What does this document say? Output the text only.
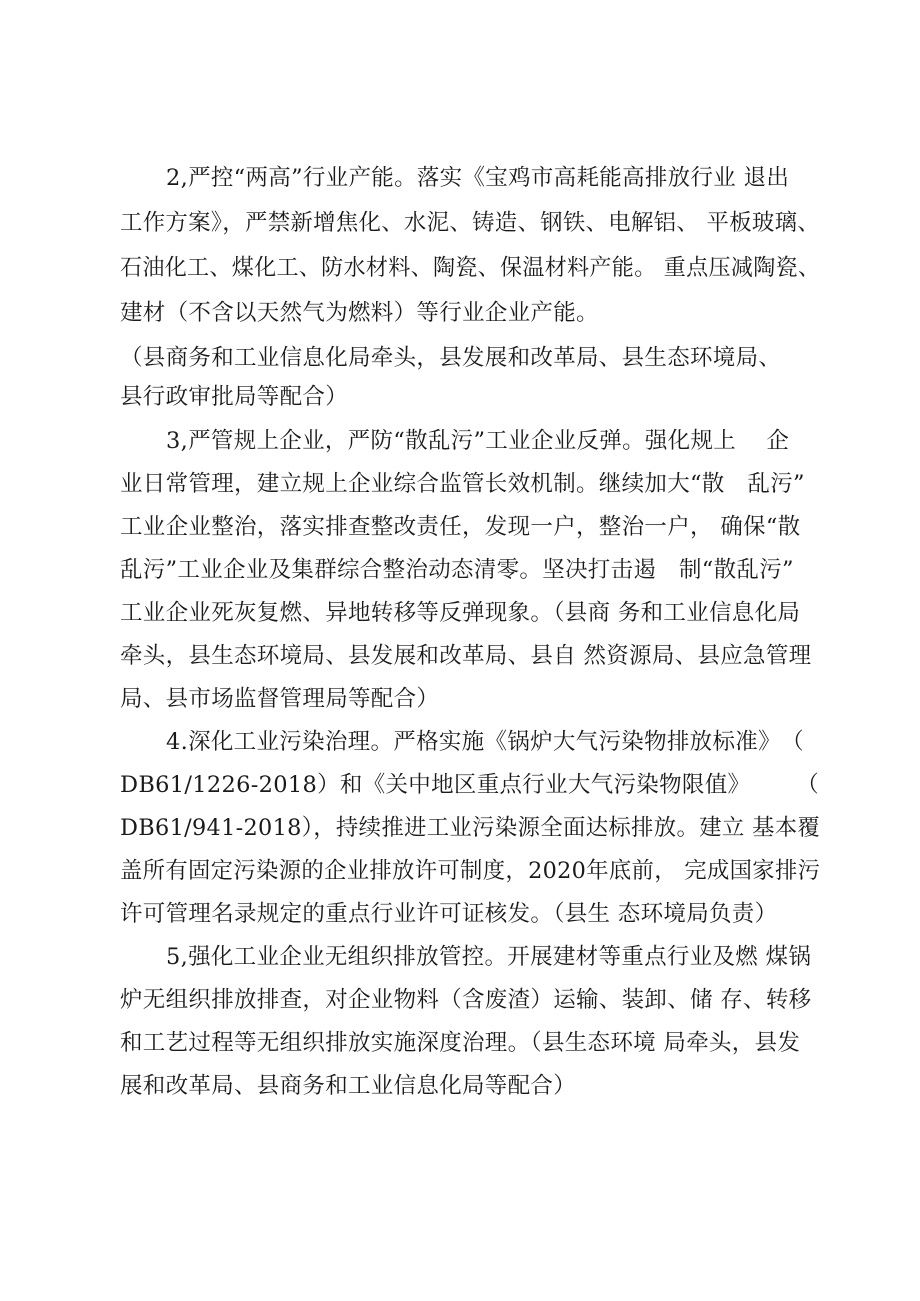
2,严控“两高”行业产能。落实《宝鸡市高耗能高排放行业 退出
工作方案》，严禁新增焦化、水泥、铸造、钢铁、电解铝、 平板玻璃、
石油化工、煤化工、防水材料、陶瓷、保温材料产能。 重点压减陶瓷、
建材（不含以天然气为燃料）等行业企业产能。
（县商务和工业信息化局牵头，县发展和改革局、县生态环境局、
县行政审批局等配合）
3,严管规上企业，严防“散乱污”工业企业反弹。强化规上　 企
业日常管理，建立规上企业综合监管长效机制。继续加大“散　乱污”
工业企业整治，落实排查整改责任，发现一户，整治一户， 确保“散
乱污”工业企业及集群综合整治动态清零。坚决打击遏　制“散乱污”
工业企业死灰复燃、异地转移等反弹现象。（县商 务和工业信息化局
牵头，县生态环境局、县发展和改革局、县自 然资源局、县应急管理
局、县市场监督管理局等配合）
4.深化工业污染治理。严格实施《锅炉大气污染物排放标准》　（
DB61/1226-2018）和《关中地区重点行业大气污染物限值》　　　（
DB61/941-2018），持续推进工业污染源全面达标排放。建立 基本覆
盖所有固定污染源的企业排放许可制度，2020年底前， 完成国家排污
许可管理名录规定的重点行业许可证核发。（县生 态环境局负责）
5,强化工业企业无组织排放管控。开展建材等重点行业及燃 煤锅
炉无组织排放排查，对企业物料（含废渣）运输、装卸、储 存、转移
和工艺过程等无组织排放实施深度治理。（县生态环境 局牵头，县发
展和改革局、县商务和工业信息化局等配合）
